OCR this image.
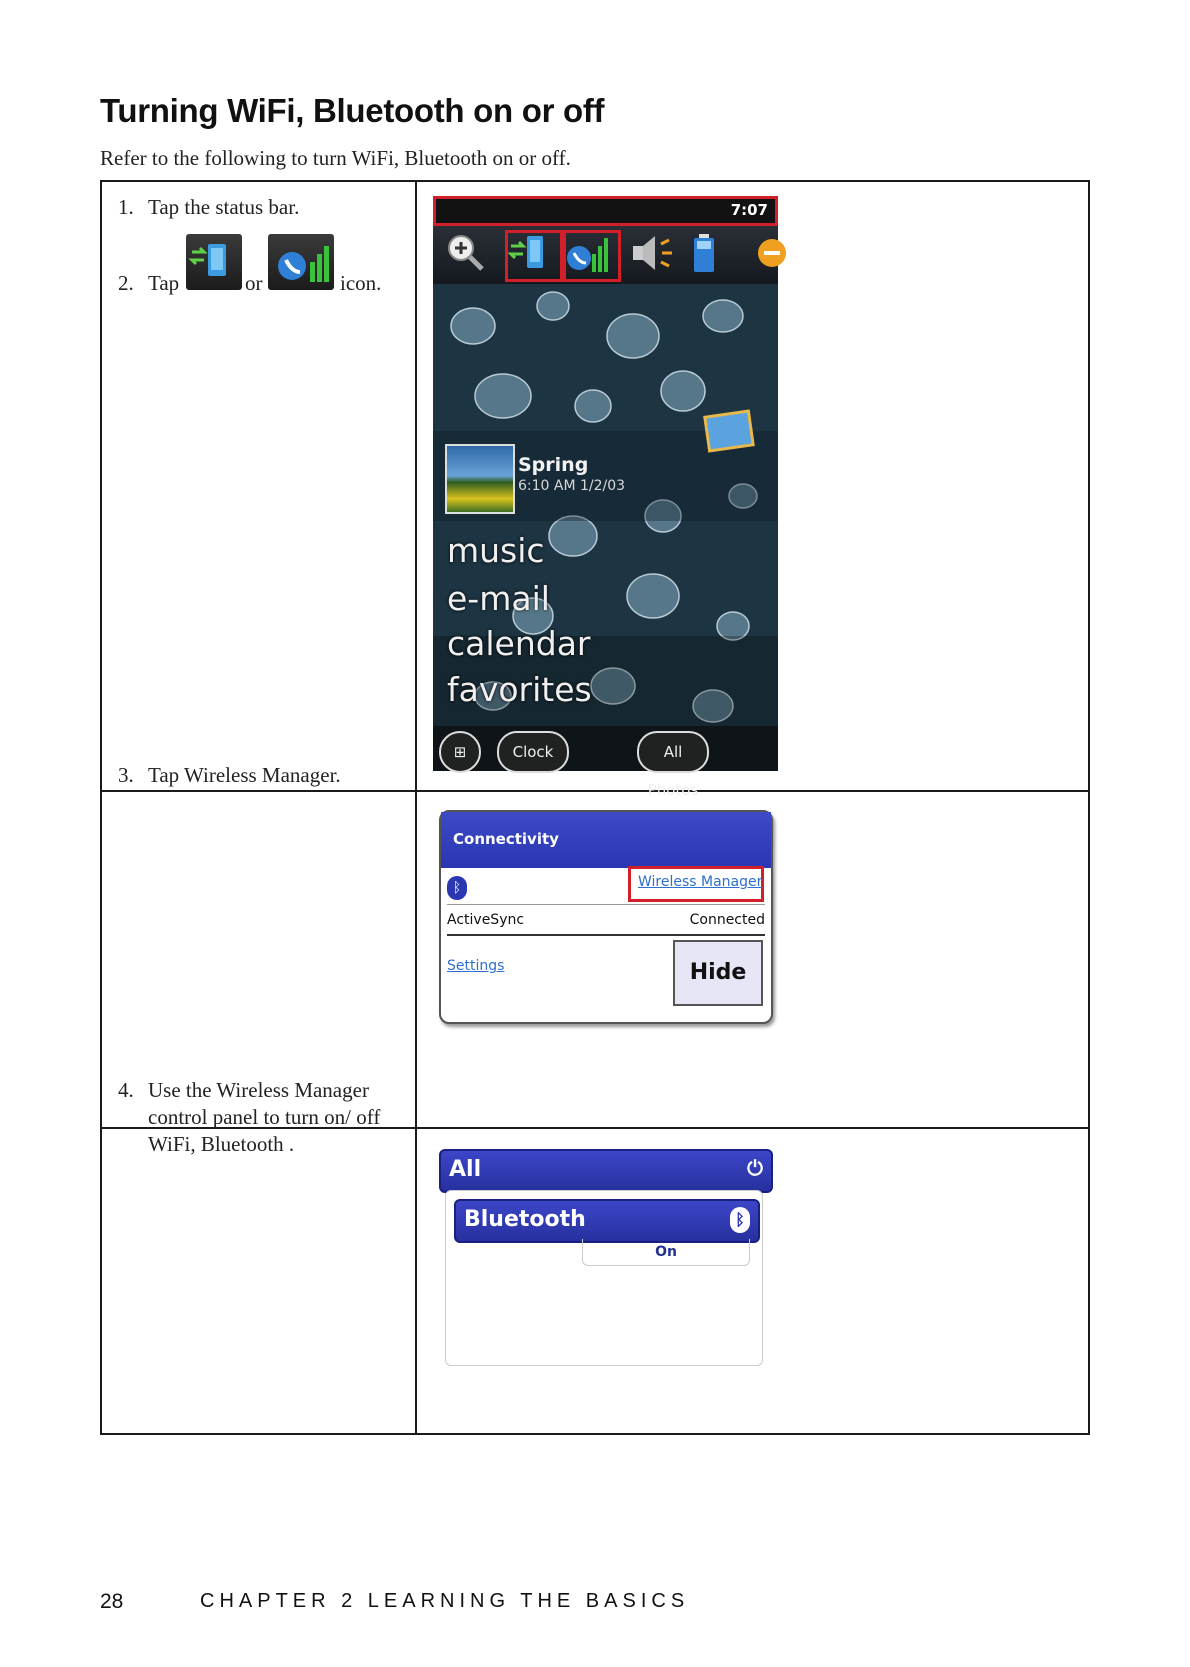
Turning WiFi, Bluetooth on or off
Refer to the following to turn WiFi, Bluetooth on or off.
1. Tap the status bar.
2. Tap	or	icon.
7:07
Spring
6:10 AM 1/2/03
music
e-mail
calendar
favorites
⊞	Clock	All Photos
3. Tap Wireless Manager.
Connectivity
ᛒ
ActiveSync	Connected
Settings	Hide
Wireless Manager
4. Use the Wireless Manager
control panel to turn on/ off
WiFi, Bluetooth .
All	⏻
Bluetooth	ᛒ
On
28	CHAPTER 2 LEARNING THE BASICS
